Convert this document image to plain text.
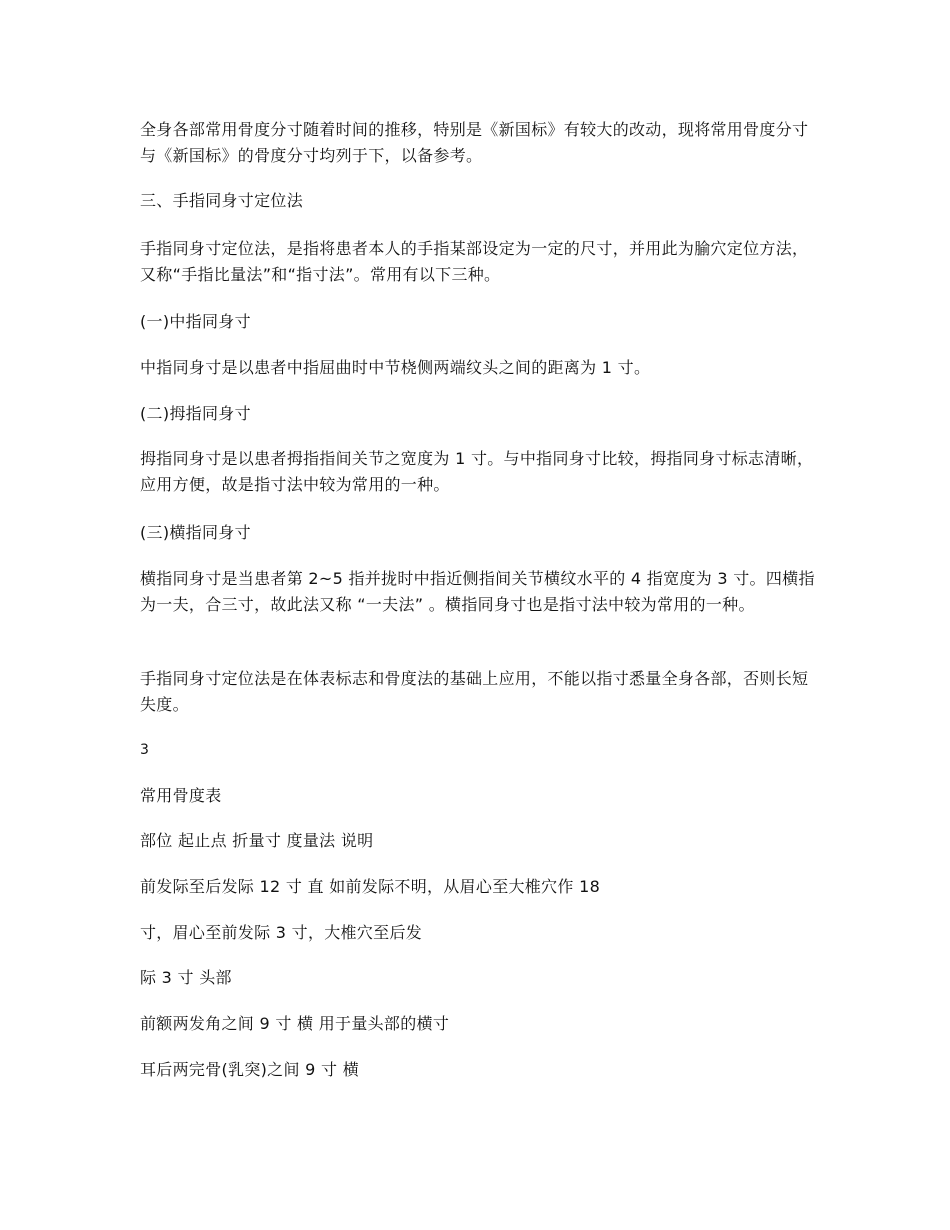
全身各部常用骨度分寸随着时间的推移，特别是《新国标》有较大的改动，现将常用骨度分寸与《新国标》的骨度分寸均列于下，以备参考。

三、手指同身寸定位法

手指同身寸定位法，是指将患者本人的手指某部设定为一定的尺寸，并用此为腧穴定位方法，又称“手指比量法”和“指寸法”。常用有以下三种。

(一)中指同身寸

中指同身寸是以患者中指屈曲时中节桡侧两端纹头之间的距离为 1 寸。

(二)拇指同身寸

拇指同身寸是以患者拇指指间关节之宽度为 1 寸。与中指同身寸比较，拇指同身寸标志清晰，应用方便，故是指寸法中较为常用的一种。

(三)横指同身寸

横指同身寸是当患者第 2~5 指并拢时中指近侧指间关节横纹水平的 4 指宽度为 3 寸。四横指为一夫，合三寸，故此法又称 “一夫法” 。横指同身寸也是指寸法中较为常用的一种。

手指同身寸定位法是在体表标志和骨度法的基础上应用，不能以指寸悉量全身各部，否则长短失度。

3

常用骨度表

部位 起止点 折量寸 度量法 说明

前发际至后发际 12 寸 直 如前发际不明，从眉心至大椎穴作 18

寸，眉心至前发际 3 寸，大椎穴至后发

际 3 寸 头部

前额两发角之间 9 寸 横 用于量头部的横寸

耳后两完骨(乳突)之间 9 寸 横
